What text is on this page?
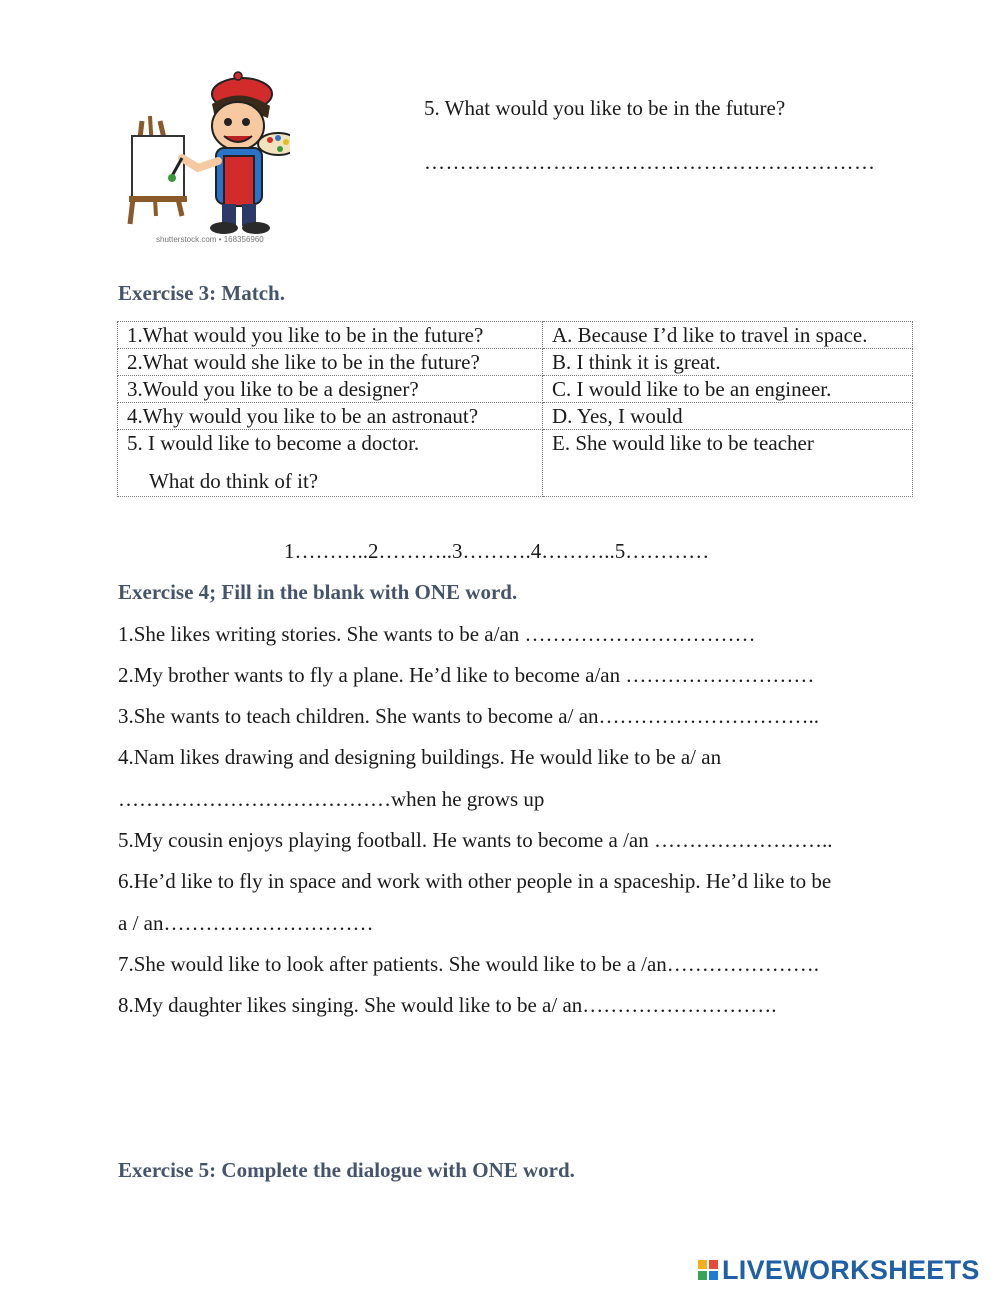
shutterstock.com • 168356960
5. What would you like to be in the future?
………………………………………………………
Exercise 3: Match.
1.What would you like to be in the future?	A. Because I’d like to travel in space.
2.What would she like to be in the future?	B. I think it is great.
3.Would you like to be a designer?	C. I would like to be an engineer.
4.Why would you like to be an astronaut?	D. Yes, I would
5. I would like to become a doctor.
What do think of it?	E. She would like to be teacher
1………..2………..3……….4………..5…………
Exercise 4; Fill in the blank with ONE word.
1.She likes writing stories. She wants to be a/an ……………………………
2.My brother wants to fly a plane. He’d like to become a/an ………………………
3.She wants to teach children. She wants to become a/ an…………………………..
4.Nam likes drawing and designing buildings. He would like to be a/ an
…………………………………when he grows up
5.My cousin enjoys playing football. He wants to become a /an ……………………..
6.He’d like to fly in space and work with other people in a spaceship. He’d like to be
a / an…………………………
7.She would like to look after patients. She would like to be a /an………………….
8.My daughter likes singing. She would like to be a/ an……………………….
Exercise 5: Complete the dialogue with ONE word.
LIVEWORKSHEETS
